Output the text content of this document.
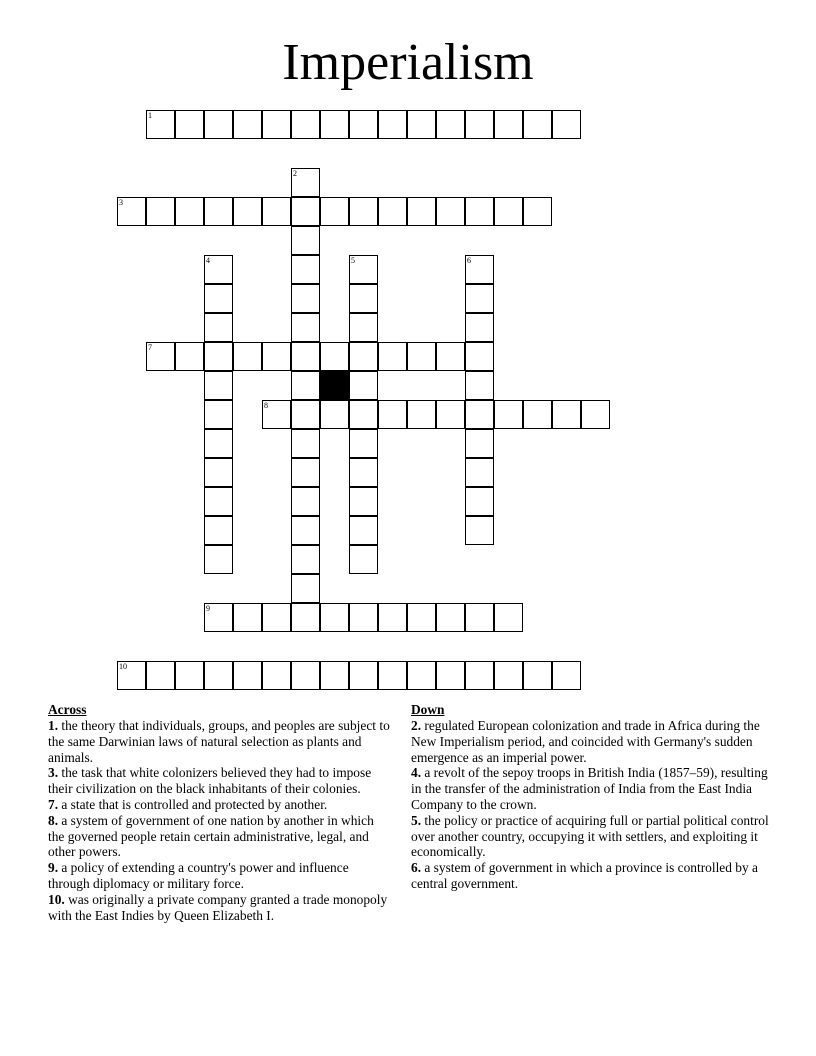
Imperialism
1
2
3
4	5	6
7
8
9
10
Across

1. the theory that individuals, groups, and peoples are subject to the same Darwinian laws of natural selection as plants and animals.

3. the task that white colonizers believed they had to impose their civilization on the black inhabitants of their colonies.

7. a state that is controlled and protected by another.

8. a system of government of one nation by another in which the governed people retain certain administrative, legal, and other powers.

9. a policy of extending a country's power and influence through diplomacy or military force.

10. was originally a private company granted a trade monopoly with the East Indies by Queen Elizabeth I.

Down

2. regulated European colonization and trade in Africa during the New Imperialism period, and coincided with Germany's sudden emergence as an imperial power.

4. a revolt of the sepoy troops in British India (1857–59), resulting in the transfer of the administration of India from the East India Company to the crown.

5. the policy or practice of acquiring full or partial political control over another country, occupying it with settlers, and exploiting it economically.

6. a system of government in which a province is controlled by a central government.
